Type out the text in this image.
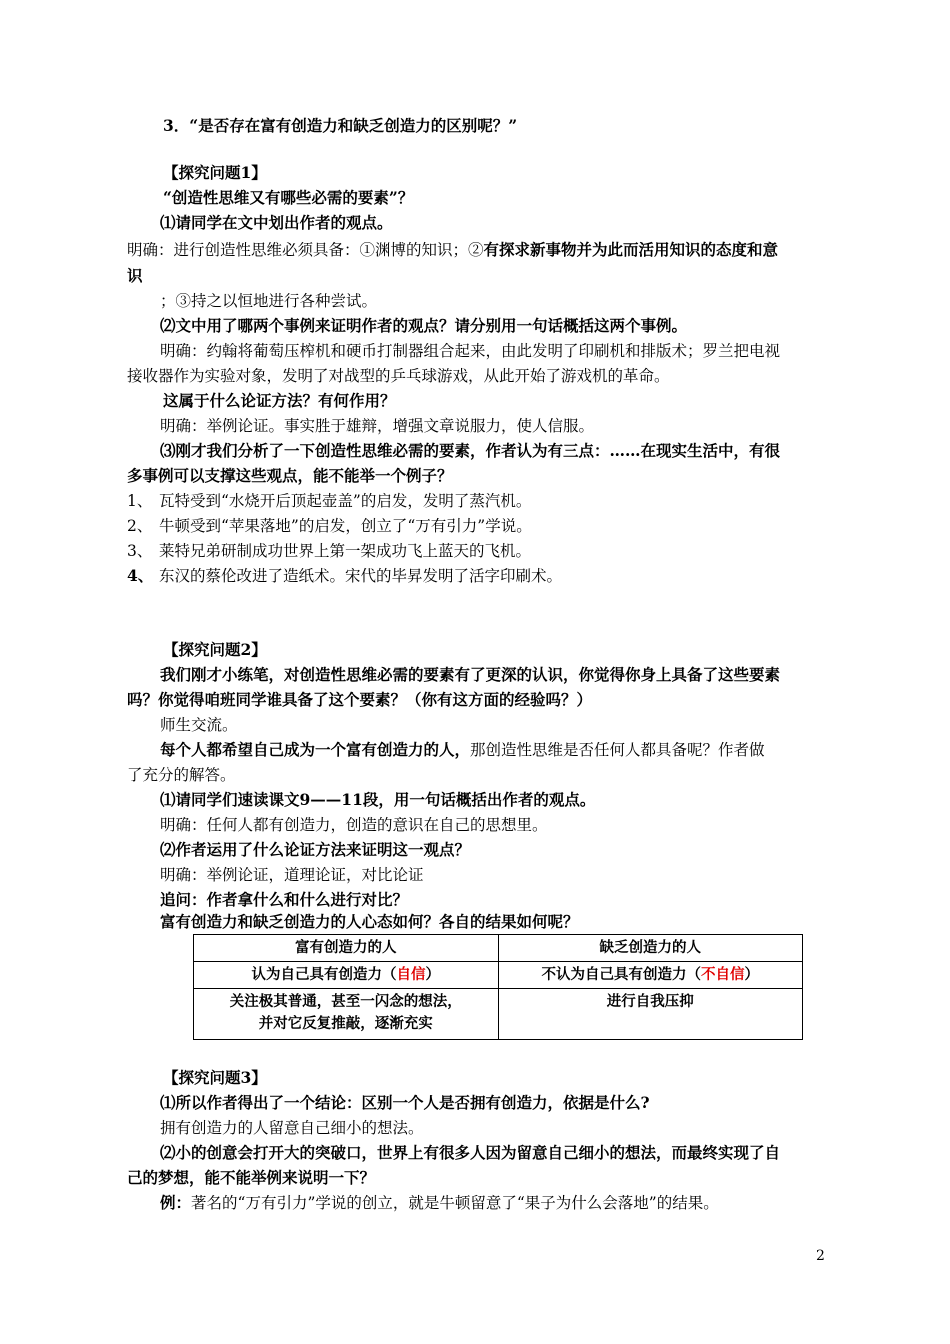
3．“是否存在富有创造力和缺乏创造力的区别呢？”
【探究问题1】
“创造性思维又有哪些必需的要素”？
⑴请同学在文中划出作者的观点。
明确：进行创造性思维必须具备：①渊博的知识；②有探求新事物并为此而活用知识的态度和意
识
；③持之以恒地进行各种尝试。
⑵文中用了哪两个事例来证明作者的观点？请分别用一句话概括这两个事例。
明确：约翰将葡萄压榨机和硬币打制器组合起来，由此发明了印刷机和排版术；罗兰把电视
接收器作为实验对象，发明了对战型的乒乓球游戏，从此开始了游戏机的革命。
这属于什么论证方法？有何作用？
明确：举例论证。事实胜于雄辩，增强文章说服力，使人信服。
⑶刚才我们分析了一下创造性思维必需的要素，作者认为有三点：……在现实生活中，有很
多事例可以支撑这些观点，能不能举一个例子？
1、 瓦特受到“水烧开后顶起壶盖”的启发，发明了蒸汽机。
2、 牛顿受到“苹果落地”的启发，创立了“万有引力”学说。
3、 莱特兄弟研制成功世界上第一架成功飞上蓝天的飞机。
4、 东汉的蔡伦改进了造纸术。宋代的毕昇发明了活字印刷术。
【探究问题2】
我们刚才小练笔，对创造性思维必需的要素有了更深的认识，你觉得你身上具备了这些要素
吗？你觉得咱班同学谁具备了这个要素？（你有这方面的经验吗？）
师生交流。
每个人都希望自己成为一个富有创造力的人，那创造性思维是否任何人都具备呢？作者做
了充分的解答。
⑴请同学们速读课文9——11段，用一句话概括出作者的观点。
明确：任何人都有创造力，创造的意识在自己的思想里。
⑵作者运用了什么论证方法来证明这一观点？
明确：举例论证，道理论证，对比论证
追问：作者拿什么和什么进行对比？
富有创造力和缺乏创造力的人心态如何？各自的结果如何呢？
富有创造力的人	缺乏创造力的人
认为自己具有创造力（自信）	不认为自己具有创造力（不自信）

关注极其普通，甚至一闪念的想法，
并对它反复推敲，逐渐充实	进行自我压抑
【探究问题3】
⑴所以作者得出了一个结论：区别一个人是否拥有创造力，依据是什么?
拥有创造力的人留意自己细小的想法。
⑵小的创意会打开大的突破口，世界上有很多人因为留意自己细小的想法，而最终实现了自
己的梦想，能不能举例来说明一下？
例：著名的“万有引力”学说的创立，就是牛顿留意了“果子为什么会落地”的结果。
2
